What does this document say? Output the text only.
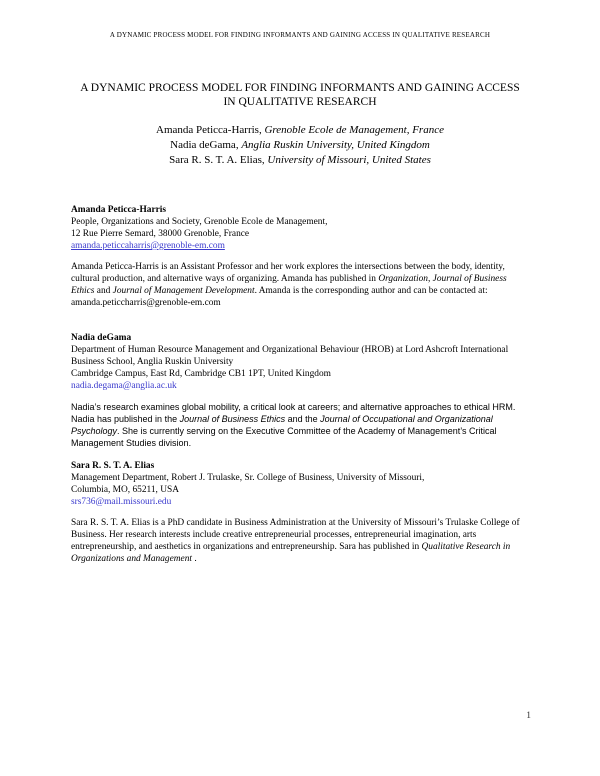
A DYNAMIC PROCESS MODEL FOR FINDING INFORMANTS AND GAINING ACCESS IN QUALITATIVE RESEARCH
A DYNAMIC PROCESS MODEL FOR FINDING INFORMANTS AND GAINING ACCESS IN QUALITATIVE RESEARCH
Amanda Peticca-Harris, Grenoble Ecole de Management, France
Nadia deGama, Anglia Ruskin University, United Kingdom
Sara R. S. T. A. Elias, University of Missouri, United States
Amanda Peticca-Harris
People, Organizations and Society, Grenoble Ecole de Management,
12 Rue Pierre Semard, 38000 Grenoble, France
amanda.peticcaharris@grenoble-em.com

Amanda Peticca-Harris is an Assistant Professor and her work explores the intersections between the body, identity, cultural production, and alternative ways of organizing. Amanda has published in Organization, Journal of Business Ethics and Journal of Management Development. Amanda is the corresponding author and can be contacted at: amanda.peticcharris@grenoble-em.com

Nadia deGama
Department of Human Resource Management and Organizational Behaviour (HROB) at Lord Ashcroft International Business School, Anglia Ruskin University
Cambridge Campus, East Rd, Cambridge CB1 1PT, United Kingdom
nadia.degama@anglia.ac.uk

Nadia’s research examines global mobility, a critical look at careers; and alternative approaches to ethical HRM. Nadia has published in the Journal of Business Ethics and the Journal of Occupational and Organizational Psychology. She is currently serving on the Executive Committee of the Academy of Management’s Critical Management Studies division.

Sara R. S. T. A. Elias
Management Department, Robert J. Trulaske, Sr. College of Business, University of Missouri,
Columbia, MO, 65211, USA
srs736@mail.missouri.edu

Sara R. S. T. A. Elias is a PhD candidate in Business Administration at the University of Missouri’s Trulaske College of Business. Her research interests include creative entrepreneurial processes, entrepreneurial imagination, arts entrepreneurship, and aesthetics in organizations and entrepreneurship. Sara has published in Qualitative Research in Organizations and Management .

1
